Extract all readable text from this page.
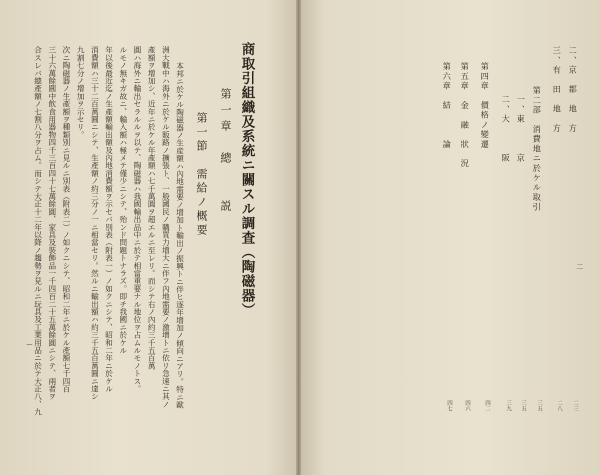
商取引組織及系統ニ關スル調査（陶磁器）
第一章　總　　説
第一節　需給ノ概要
本邦ニ於ケル陶磁器ノ生産額ハ內地需要ノ增加ト輸出ノ振興トニ伴ヒ逐年增加ノ傾向ニアリ。特ニ歐
洲大戰中ハ海外ニ於ケル販路ノ擴張ト、一般國民ノ購買力增大ニ伴フ內地需要ノ激增トニ依リ急速ニ其ノ
產額ヲ增加シ、近年ニ於ケル年產額ハ七千萬圓ヲ超エルニ至レリ。而シテ右ノ內約三千五百萬
圓ハ海外ニ輸出セラルルヲ以テ、陶磁器ハ我國輸出品中ニ於テ相當重要ナル地位ヲ占ムルモノトス。
ルモノ無キガ故ニ、輸入額ハ極メテ僅少ニシテ、殆ンド問題トナラズ。即チ我國ニ於ケル
年以後最近迄ノ生產額輸出額及內地消費額ヲ示セバ別表（附表一）ノ如クニシテ、昭和二年ニ於ケル
消費額ハ三十二百萬圓ニシテ、生產額ノ約三分ノ一ニ相當セリ。然ルニ輸出額ハ約三千五百萬圓ニ達シ
九割七分ノ增加ヲ示セリ。
次ニ陶磁器ノ生產額ヲ種類別ニ見ルニ別表（附表二）ノ如クニシテ、昭和二年ニ於ケル產額七千四百
三十六萬餘圓中飲食用器物四千三百四十七萬餘圓、家具及裝飾品一千四百二十五萬餘圓ニシテ、兩者ヲ
合スレバ總產額ノ七割八分ヲ占ム。而シテ大正十二年以降ノ趨勢ヲ見ルニ玩具及工業用品ニ於テ大正八、九
ー
二、京　都　地　方
二三
三、有　田　地　方
二八
第二部　消費地ニ於ケル取引
三五
一、東　　　京
三五
二、大　　　阪
三九
第四章　價格ノ變遷
四二
第五章　金　融　狀　況
四六
第六章　結　　　論
四七
二
